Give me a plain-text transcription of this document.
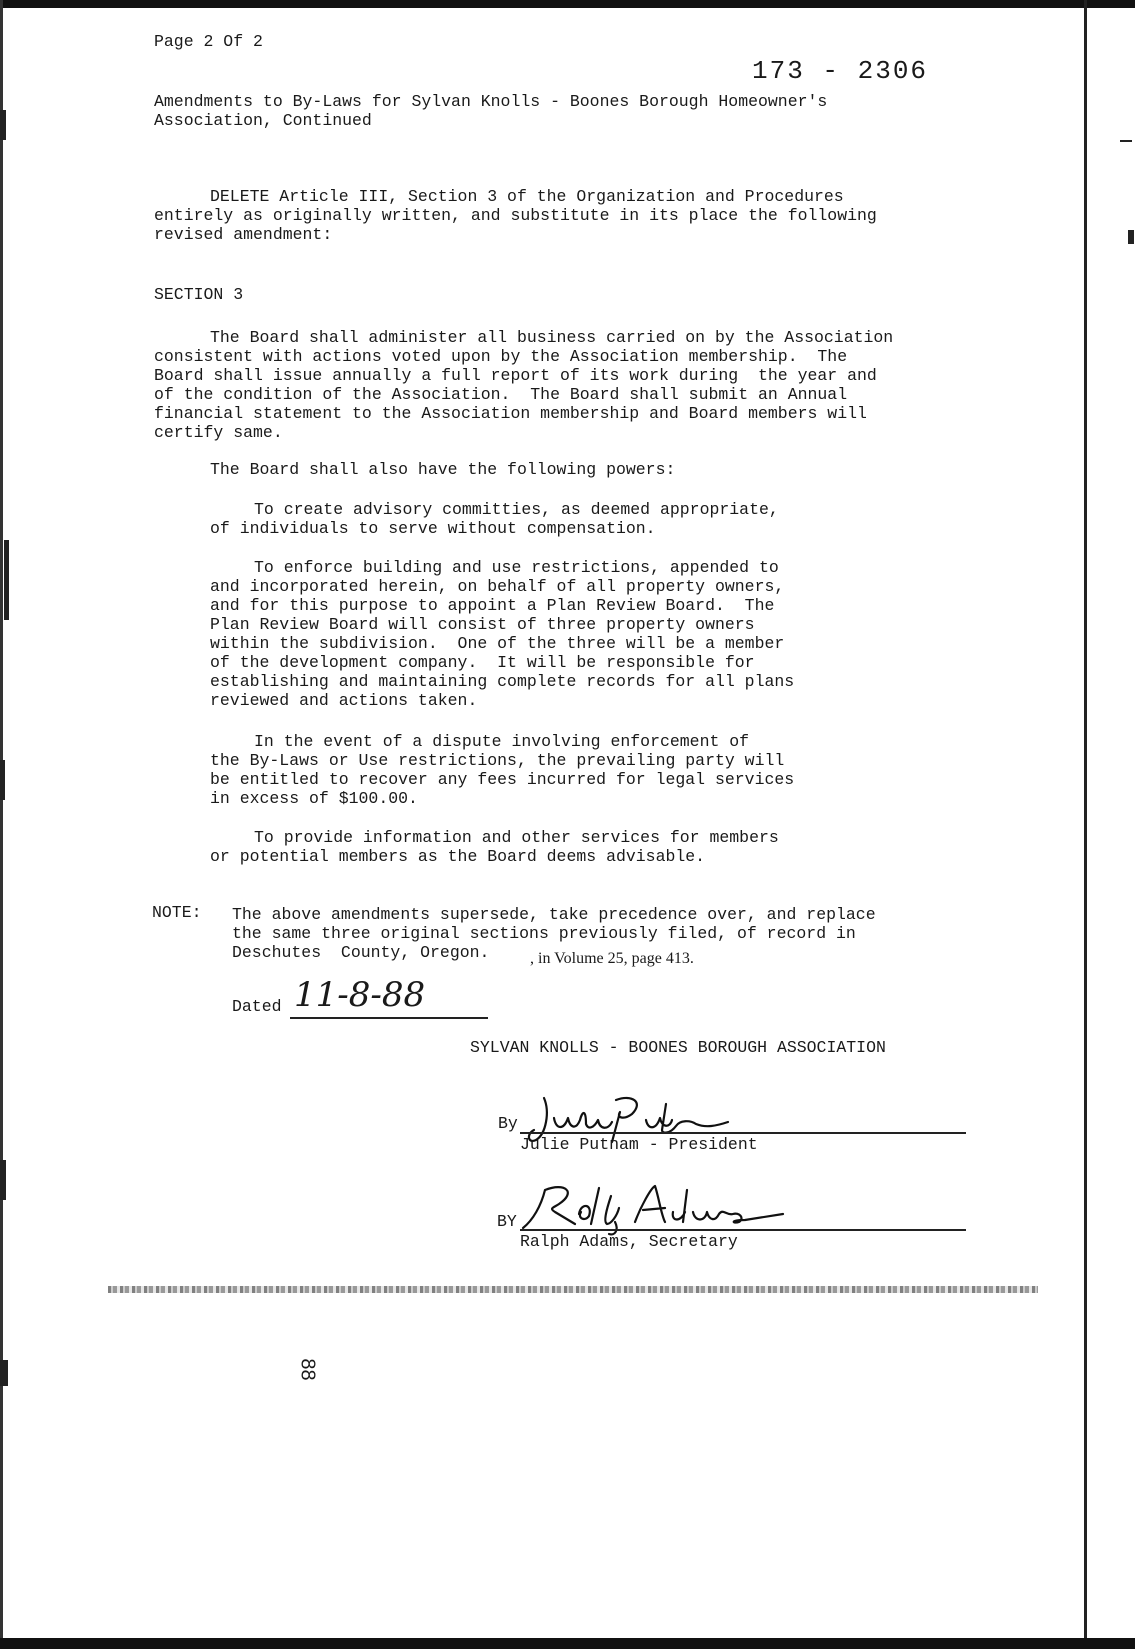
Page 2 Of 2
173 - 2306
Amendments to By-Laws for Sylvan Knolls - Boones Borough Homeowner's
Association, Continued
DELETE Article III, Section 3 of the Organization and Procedures
entirely as originally written, and substitute in its place the following
revised amendment:
SECTION 3
The Board shall administer all business carried on by the Association
consistent with actions voted upon by the Association membership.  The
Board shall issue annually a full report of its work during  the year and
of the condition of the Association.  The Board shall submit an Annual
financial statement to the Association membership and Board members will
certify same.
The Board shall also have the following powers:
To create advisory committies, as deemed appropriate,
of individuals to serve without compensation.
To enforce building and use restrictions, appended to
and incorporated herein, on behalf of all property owners,
and for this purpose to appoint a Plan Review Board.  The
Plan Review Board will consist of three property owners
within the subdivision.  One of the three will be a member
of the development company.  It will be responsible for
establishing and maintaining complete records for all plans
reviewed and actions taken.
In the event of a dispute involving enforcement of
the By-Laws or Use restrictions, the prevailing party will
be entitled to recover any fees incurred for legal services
in excess of $100.00.
To provide information and other services for members
or potential members as the Board deems advisable.
NOTE: The above amendments supersede, take precedence over, and replace
the same three original sections previously filed, of record in
Deschutes  County, Oregon.	, in Volume 25, page 413.
Dated 11-8-88
SYLVAN KNOLLS - BOONES BOROUGH ASSOCIATION
By
Julie Putnam - President
BY
Ralph Adams, Secretary
88
